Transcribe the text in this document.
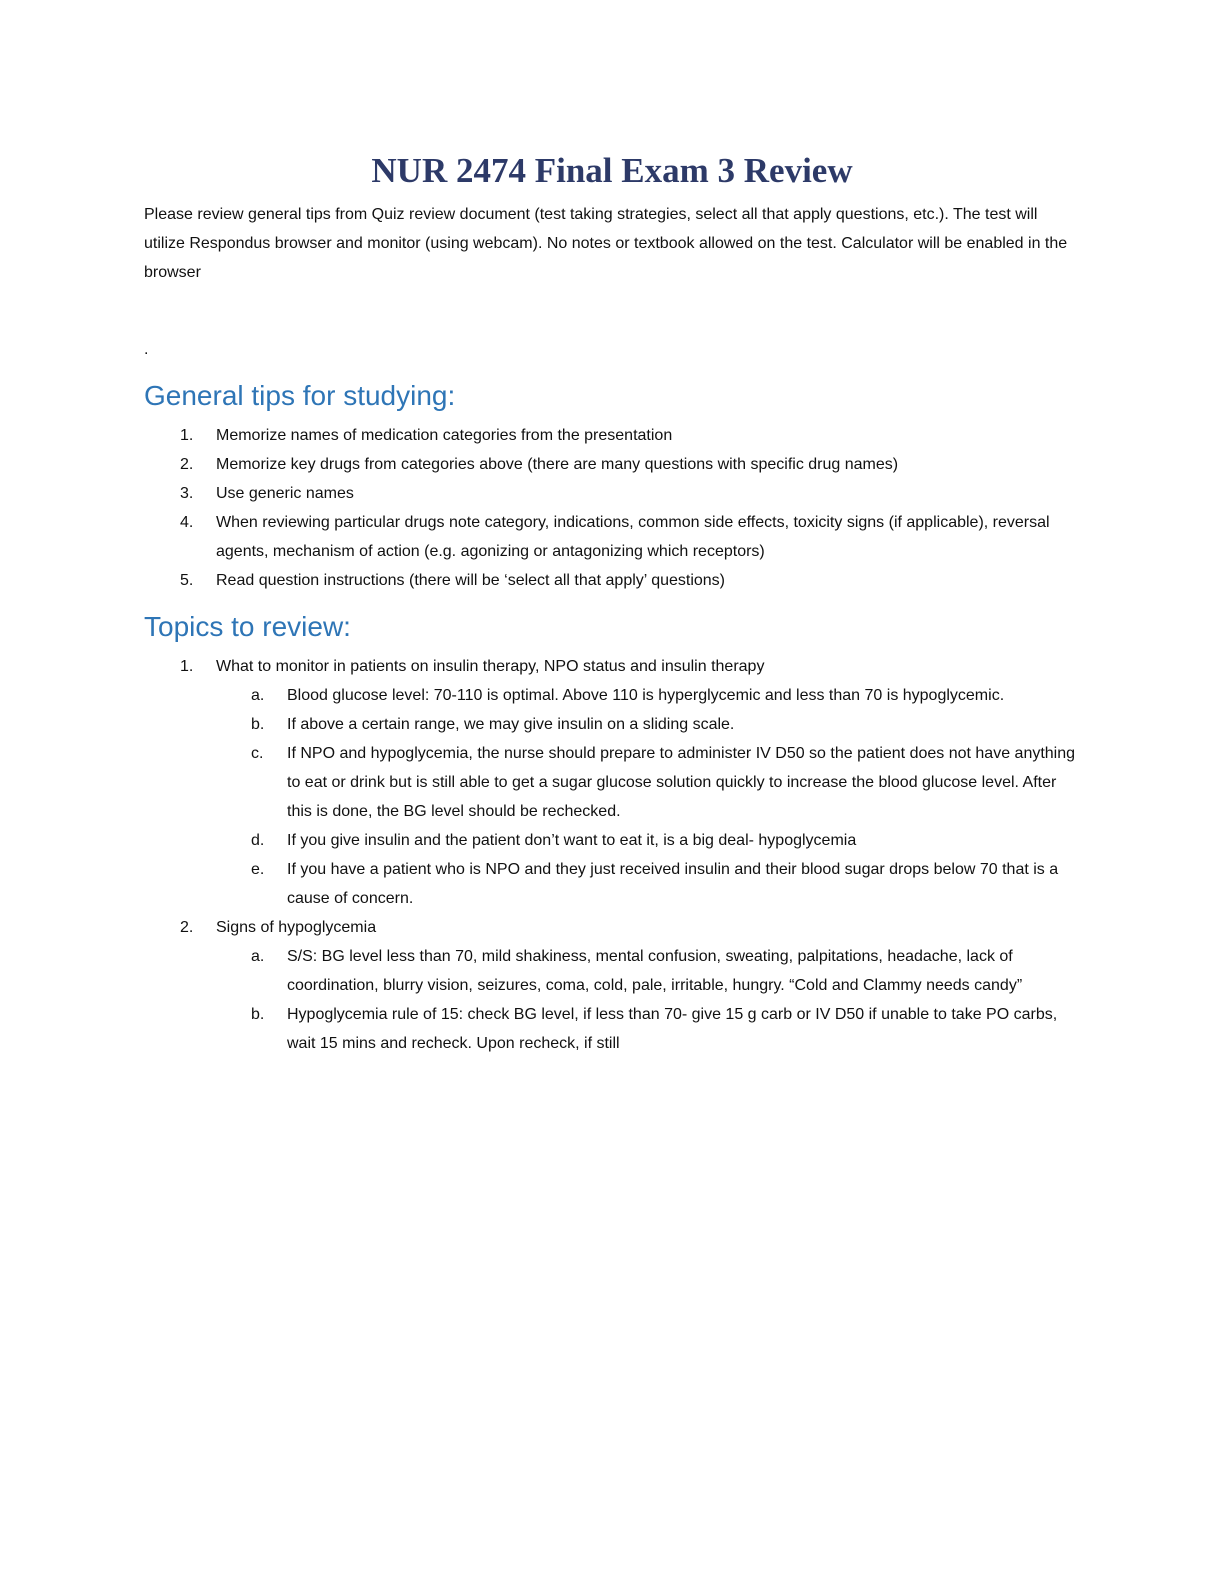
NUR 2474 Final Exam 3 Review

Please review general tips from Quiz review document (test taking strategies, select all that apply questions, etc.). The test will utilize Respondus browser and monitor (using webcam). No notes or textbook allowed on the test. Calculator will be enabled in the browser

.

General tips for studying:
1. Memorize names of medication categories from the presentation
2. Memorize key drugs from categories above (there are many questions with specific drug names)
3. Use generic names
4. When reviewing particular drugs note category, indications, common side effects, toxicity signs (if applicable), reversal agents, mechanism of action (e.g. agonizing or antagonizing which receptors)
5. Read question instructions (there will be ‘select all that apply’ questions)
Topics to review:
1. What to monitor in patients on insulin therapy, NPO status and insulin therapy
a. Blood glucose level: 70-110 is optimal. Above 110 is hyperglycemic and less than 70 is hypoglycemic.
b. If above a certain range, we may give insulin on a sliding scale.
c. If NPO and hypoglycemia, the nurse should prepare to administer IV D50 so the patient does not have anything to eat or drink but is still able to get a sugar glucose solution quickly to increase the blood glucose level. After this is done, the BG level should be rechecked.
d. If you give insulin and the patient don’t want to eat it, is a big deal- hypoglycemia
e. If you have a patient who is NPO and they just received insulin and their blood sugar drops below 70 that is a cause of concern.
2. Signs of hypoglycemia
a. S/S: BG level less than 70, mild shakiness, mental confusion, sweating, palpitations, headache, lack of coordination, blurry vision, seizures, coma, cold, pale, irritable, hungry. “Cold and Clammy needs candy”
b. Hypoglycemia rule of 15: check BG level, if less than 70- give 15 g carb or IV D50 if unable to take PO carbs, wait 15 mins and recheck. Upon recheck, if still
